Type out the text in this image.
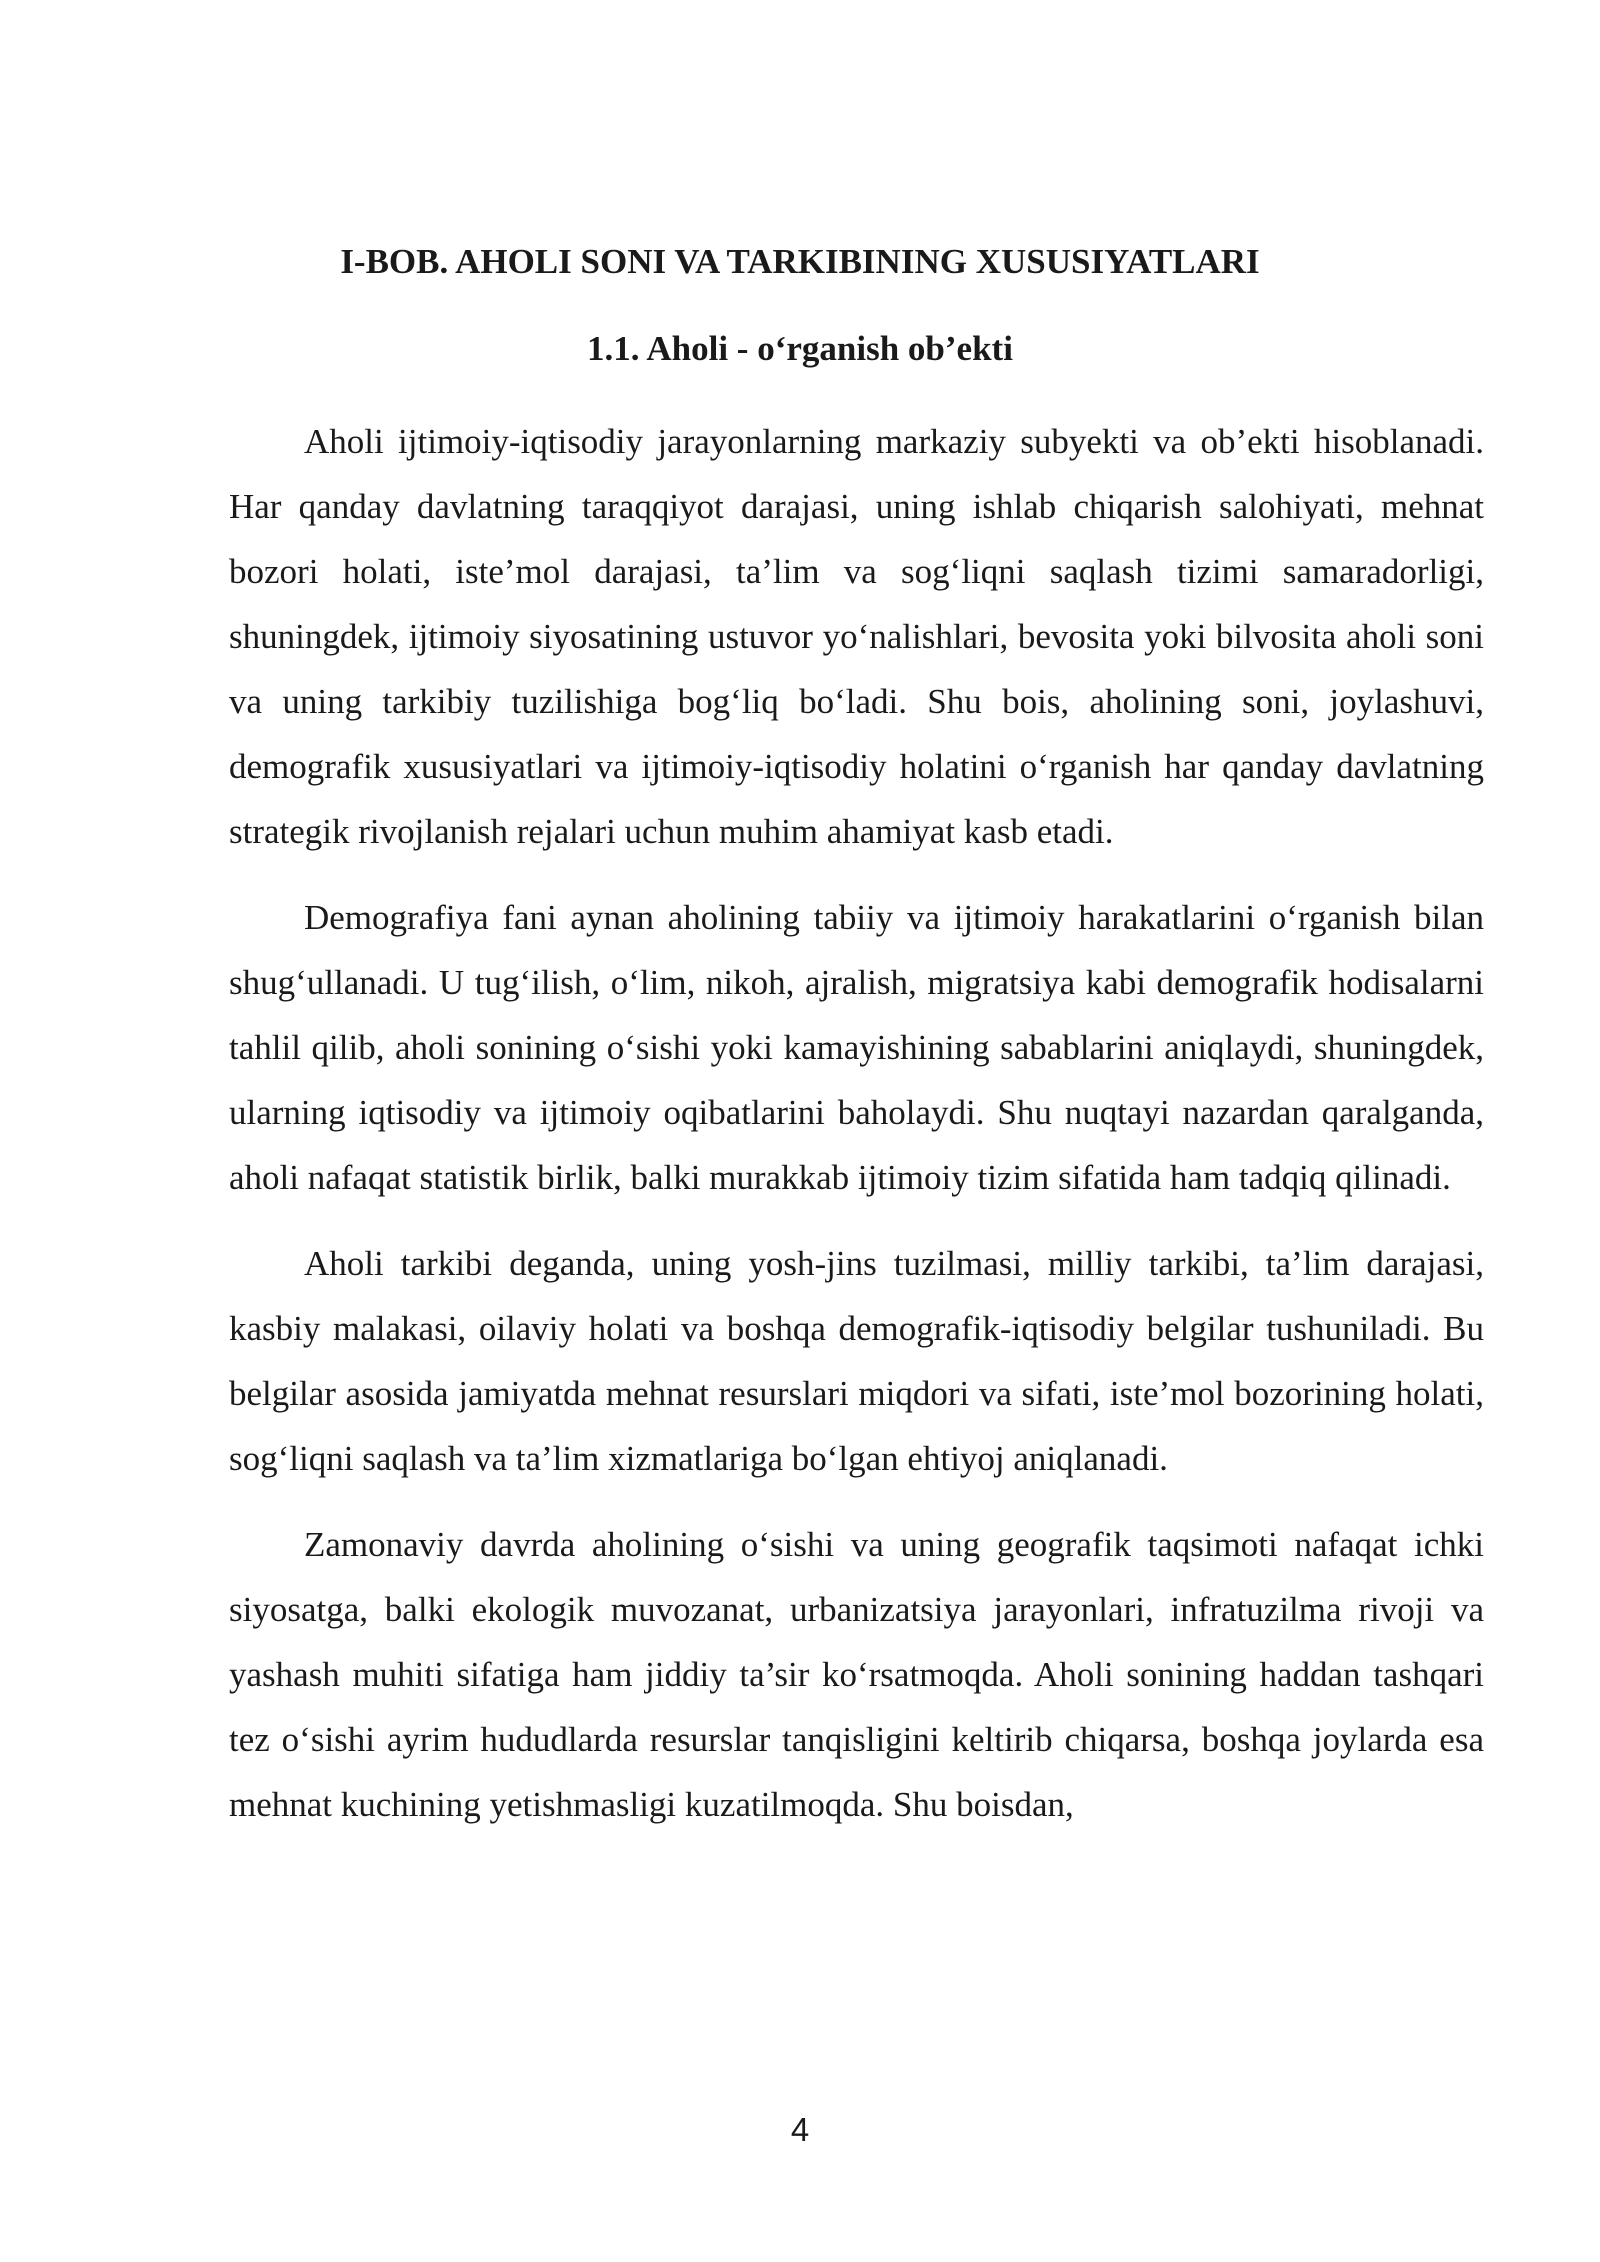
I-BOB. AHOLI SONI VA TARKIBINING XUSUSIYATLARI
1.1. Aholi - o‘rganish ob’ekti

Aholi ijtimoiy-iqtisodiy jarayonlarning markaziy subyekti va ob’ekti hisoblanadi. Har qanday davlatning taraqqiyot darajasi, uning ishlab chiqarish salohiyati, mehnat bozori holati, iste’mol darajasi, ta’lim va sog‘liqni saqlash tizimi samaradorligi, shuningdek, ijtimoiy siyosatining ustuvor yo‘nalishlari, bevosita yoki bilvosita aholi soni va uning tarkibiy tuzilishiga bog‘liq bo‘ladi. Shu bois, aholining soni, joylashuvi, demografik xususiyatlari va ijtimoiy-iqtisodiy holatini o‘rganish har qanday davlatning strategik rivojlanish rejalari uchun muhim ahamiyat kasb etadi.

Demografiya fani aynan aholining tabiiy va ijtimoiy harakatlarini o‘rganish bilan shug‘ullanadi. U tug‘ilish, o‘lim, nikoh, ajralish, migratsiya kabi demografik hodisalarni tahlil qilib, aholi sonining o‘sishi yoki kamayishining sabablarini aniqlaydi, shuningdek, ularning iqtisodiy va ijtimoiy oqibatlarini baholaydi. Shu nuqtayi nazardan qaralganda, aholi nafaqat statistik birlik, balki murakkab ijtimoiy tizim sifatida ham tadqiq qilinadi.

Aholi tarkibi deganda, uning yosh-jins tuzilmasi, milliy tarkibi, ta’lim darajasi, kasbiy malakasi, oilaviy holati va boshqa demografik-iqtisodiy belgilar tushuniladi. Bu belgilar asosida jamiyatda mehnat resurslari miqdori va sifati, iste’mol bozorining holati, sog‘liqni saqlash va ta’lim xizmatlariga bo‘lgan ehtiyoj aniqlanadi.

Zamonaviy davrda aholining o‘sishi va uning geografik taqsimoti nafaqat ichki siyosatga, balki ekologik muvozanat, urbanizatsiya jarayonlari, infratuzilma rivoji va yashash muhiti sifatiga ham jiddiy ta’sir ko‘rsatmoqda. Aholi sonining haddan tashqari tez o‘sishi ayrim hududlarda resurslar tanqisligini keltirib chiqarsa, boshqa joylarda esa mehnat kuchining yetishmasligi kuzatilmoqda. Shu boisdan,

4
